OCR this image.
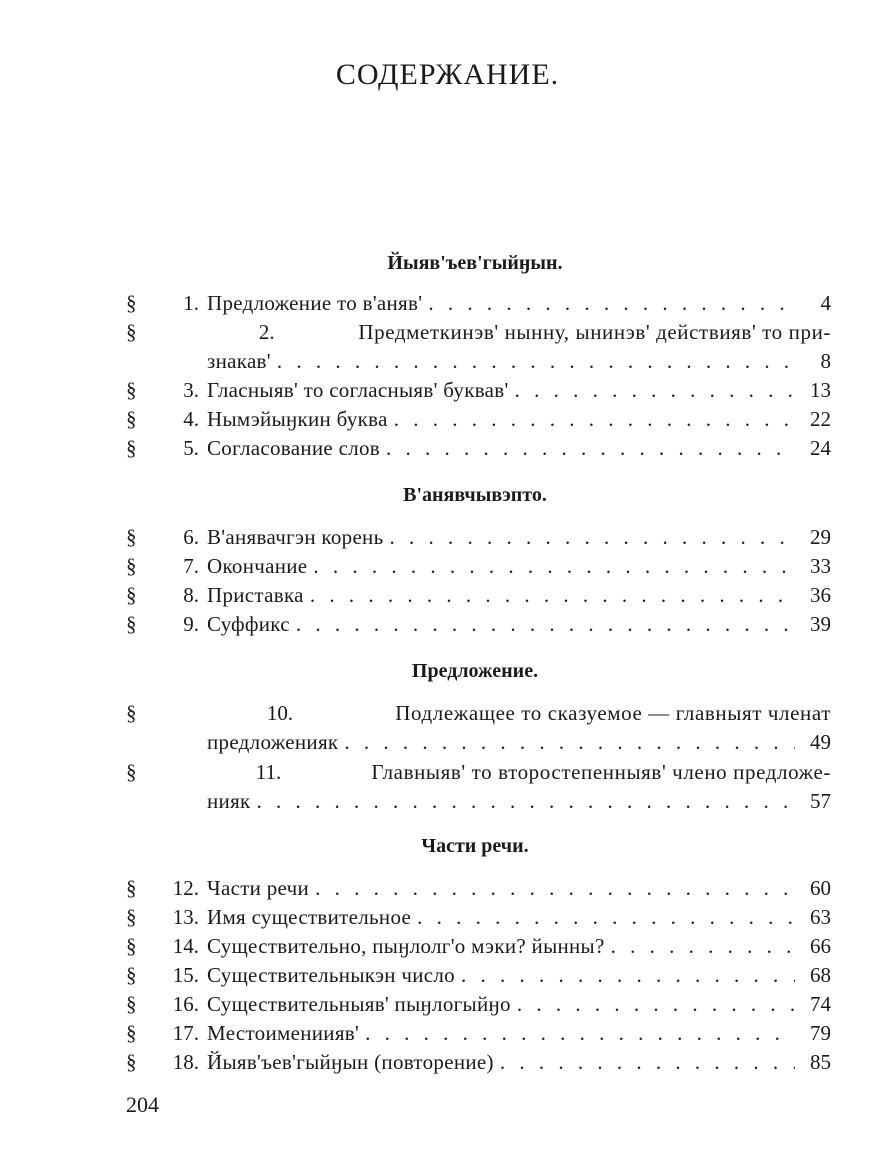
СОДЕРЖАНИЕ.
Йыяв'ъев'гыйӈын.
§	1. Предложение то в'аняв' . . .	4
§	2.	Предметкинэв' нынну, ынинэв' действияв' то при-
знакав' . . .	8
§	3. Гласныяв' то согласныяв' буквав' . . .	13
§	4. Нымэйыӈкин буква . . .	22
§	5. Согласование слов . . .	24
В'анявчывэпто.
§	6. В'анявачгэн корень . . .	29
§	7. Окончание . . .	33
§	8. Приставка . . .	36
§	9. Суффикс . . .	39
Предложение.
§	10.	Подлежащее то сказуемое — главныят членат
предложенияк . . .	49
§	11.	Главныяв' то второстепенныяв' члено предложе-
нияк . . .	57
Части речи.
§	12. Части речи . . .	60
§	13. Имя существительное . . .	63
§	14. Существительно, пыӈлолг'о мэки? йынны? . . .	66
§	15. Существительныкэн число . . .	68
§	16. Существительныяв' пыӈлогыйӈо . . .	74
§	17. Местоимениияв' . . .	79
§	18. Йыяв'ъев'гыйӈын (повторение) . . .	85
204
